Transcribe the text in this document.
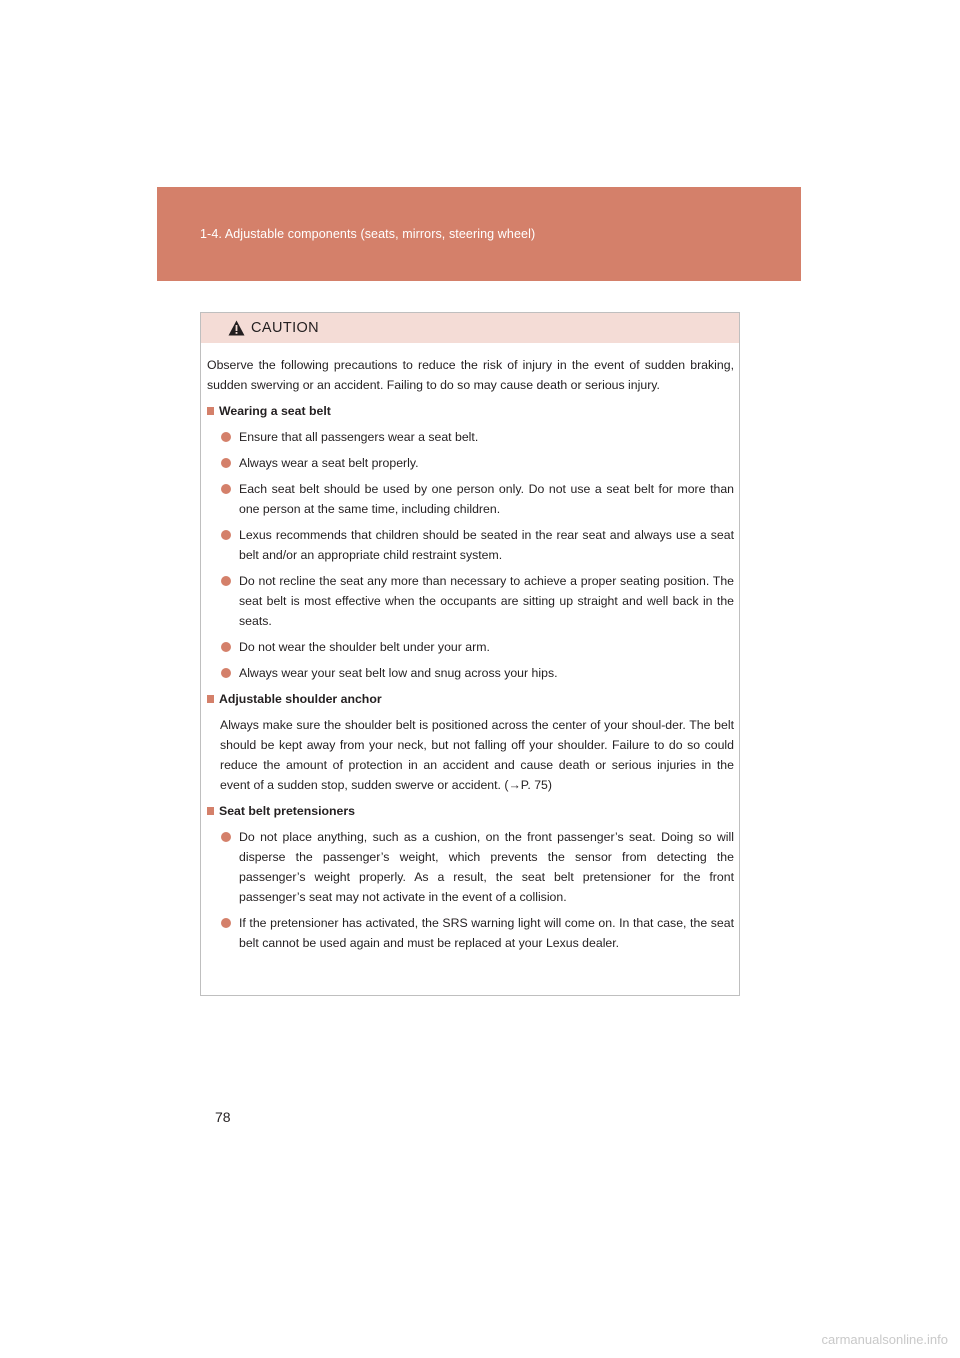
1-4. Adjustable components (seats, mirrors, steering wheel)
CAUTION

Observe the following precautions to reduce the risk of injury in the event of sudden braking, sudden swerving or an accident. Failing to do so may cause death or serious injury.

Wearing a seat belt
Ensure that all passengers wear a seat belt.
Always wear a seat belt properly.
Each seat belt should be used by one person only. Do not use a seat belt for more than one person at the same time, including children.
Lexus recommends that children should be seated in the rear seat and always use a seat belt and/or an appropriate child restraint system.
Do not recline the seat any more than necessary to achieve a proper seating position. The seat belt is most effective when the occupants are sitting up straight and well back in the seats.
Do not wear the shoulder belt under your arm.
Always wear your seat belt low and snug across your hips.
Adjustable shoulder anchor
Always make sure the shoulder belt is positioned across the center of your shoul-der. The belt should be kept away from your neck, but not falling off your shoulder. Failure to do so could reduce the amount of protection in an accident and cause death or serious injuries in the event of a sudden stop, sudden swerve or accident. (→P. 75)
Seat belt pretensioners
Do not place anything, such as a cushion, on the front passenger’s seat. Doing so will disperse the passenger’s weight, which prevents the sensor from detecting the passenger’s weight properly. As a result, the seat belt pretensioner for the front passenger’s seat may not activate in the event of a collision.
If the pretensioner has activated, the SRS warning light will come on. In that case, the seat belt cannot be used again and must be replaced at your Lexus dealer.
78
carmanualsonline.info
